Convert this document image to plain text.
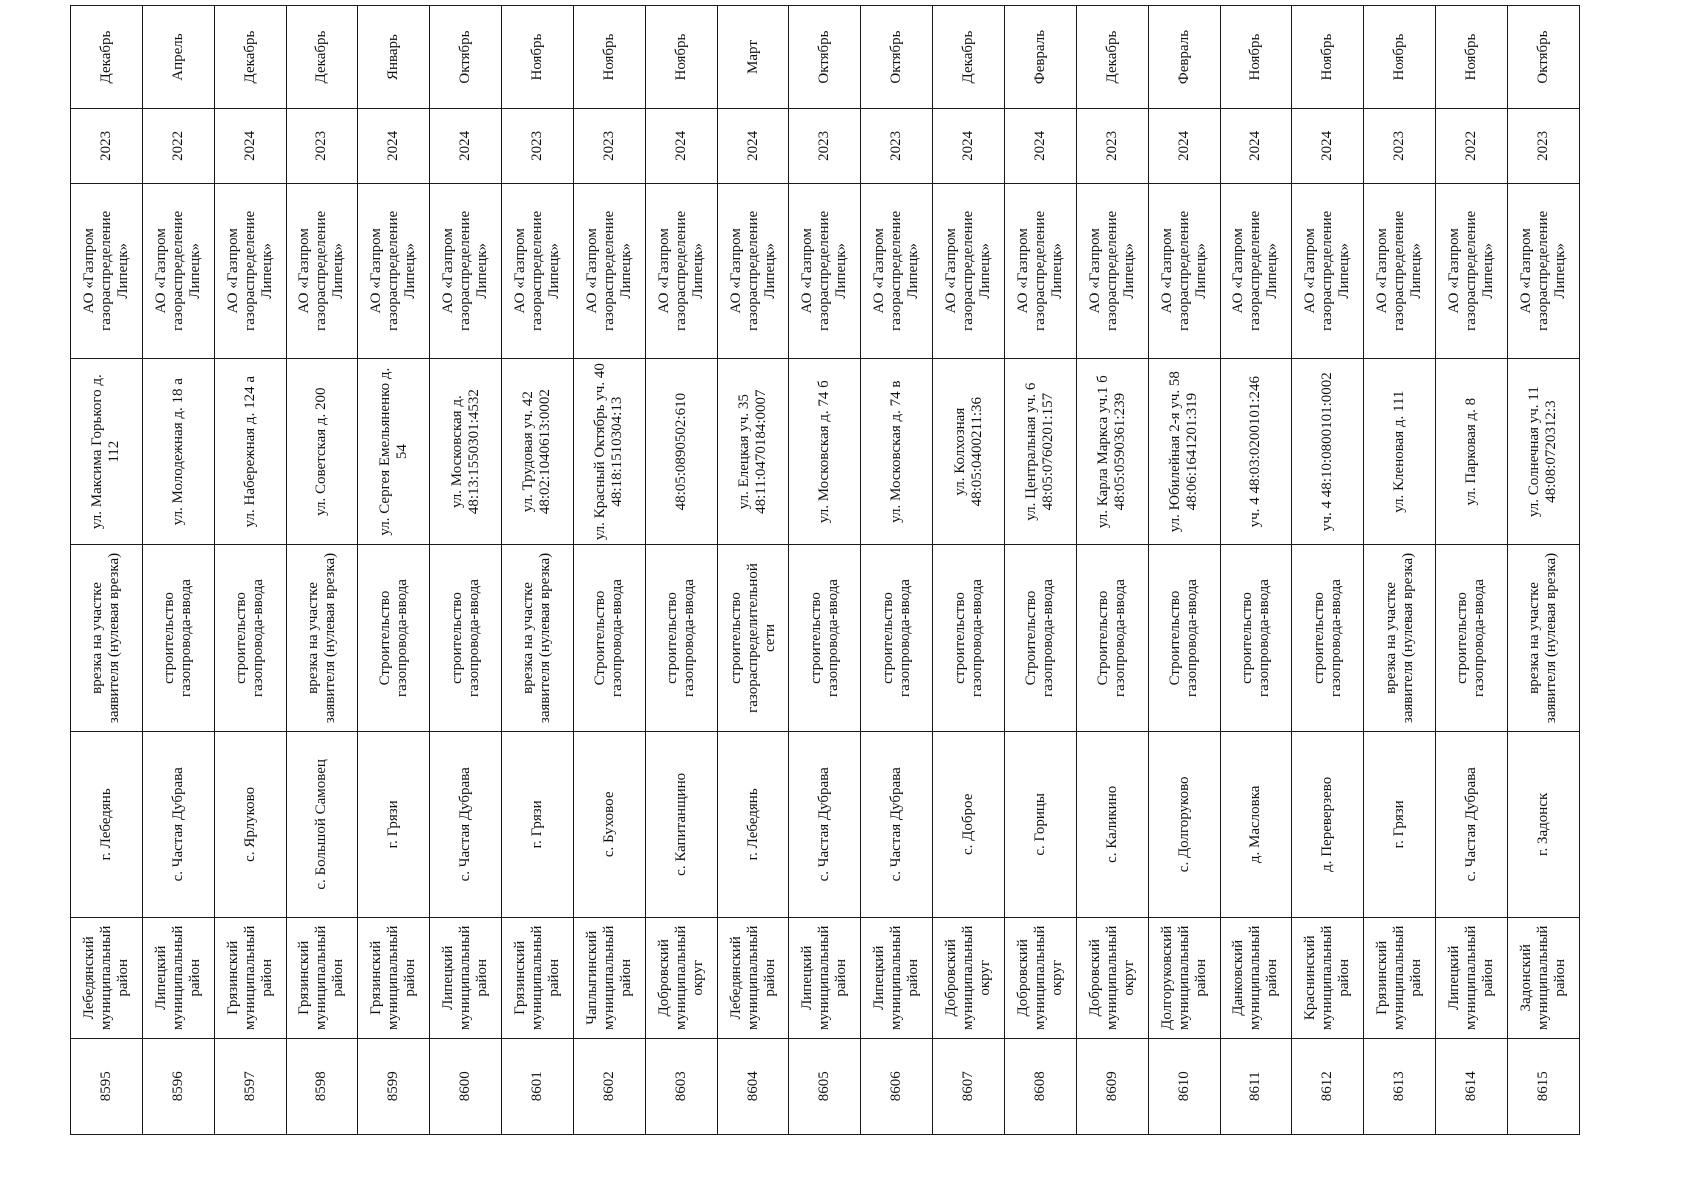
8595	Лебедянский муниципальный район	г. Лебедянь	врезка на участке заявителя (нулевая врезка)	ул. Максима Горького д. 112	АО «Газпром газораспределение Липецк»	2023	Декабрь
8596	Липецкий муниципальный район	с. Частая Дубрава	строительство газопровода-ввода	ул. Молодежная д. 18 а	АО «Газпром газораспределение Липецк»	2022	Апрель
8597	Грязинский муниципальный район	с. Ярлуково	строительство газопровода-ввода	ул. Набережная д. 124 а	АО «Газпром газораспределение Липецк»	2024	Декабрь
8598	Грязинский муниципальный район	с. Большой Самовец	врезка на участке заявителя (нулевая врезка)	ул. Советская д. 200	АО «Газпром газораспределение Липецк»	2023	Декабрь
8599	Грязинский муниципальный район	г. Грязи	Строительство газопровода-ввода	ул. Сергея Емельяненко д. 54	АО «Газпром газораспределение Липецк»	2024	Январь
8600	Липецкий муниципальный район	с. Частая Дубрава	строительство газопровода-ввода	ул. Московская д. 48:13:1550301:4532	АО «Газпром газораспределение Липецк»	2024	Октябрь
8601	Грязинский муниципальный район	г. Грязи	врезка на участке заявителя (нулевая врезка)	ул. Трудовая уч. 42 48:02:1040613:0002	АО «Газпром газораспределение Липецк»	2023	Ноябрь
8602	Чаплыгинский муниципальный район	с. Буховое	Строительство газопровода-ввода	ул. Красный Октябрь уч. 40 48:18:1510304:13	АО «Газпром газораспределение Липецк»	2023	Ноябрь
8603	Добровский муниципальный округ	с. Капитанщино	строительство газопровода-ввода	48:05:0890502:610	АО «Газпром газораспределение Липецк»	2024	Ноябрь
8604	Лебедянский муниципальный район	г. Лебедянь	строительство газораспределительной сети	ул. Елецкая уч. 35 48:11:0470184:0007	АО «Газпром газораспределение Липецк»	2024	Март
8605	Липецкий муниципальный район	с. Частая Дубрава	строительство газопровода-ввода	ул. Московская д. 74 б	АО «Газпром газораспределение Липецк»	2023	Октябрь
8606	Липецкий муниципальный район	с. Частая Дубрава	строительство газопровода-ввода	ул. Московская д. 74 в	АО «Газпром газораспределение Липецк»	2023	Октябрь
8607	Добровский муниципальный округ	с. Доброе	строительство газопровода-ввода	ул. Колхозная 48:05:0400211:36	АО «Газпром газораспределение Липецк»	2024	Декабрь
8608	Добровский муниципальный округ	с. Горицы	Строительство газопровода-ввода	ул. Центральная уч. 6 48:05:0760201:157	АО «Газпром газораспределение Липецк»	2024	Февраль
8609	Добровский муниципальный округ	с. Каликино	Строительство газопровода-ввода	ул. Карла Маркса уч.1 б 48:05:0590361:239	АО «Газпром газораспределение Липецк»	2023	Декабрь
8610	Долгоруковский муниципальный район	с. Долгоруково	Строительство газопровода-ввода	ул. Юбилейная 2-я уч. 58 48:06:1641201:319	АО «Газпром газораспределение Липецк»	2024	Февраль
8611	Данковский муниципальный район	д. Масловка	строительство газопровода-ввода	уч. 4 48:03:0200101:246	АО «Газпром газораспределение Липецк»	2024	Ноябрь
8612	Краснинский муниципальный район	д. Переверзево	строительство газопровода-ввода	уч. 4 48:10:0800101:0002	АО «Газпром газораспределение Липецк»	2024	Ноябрь
8613	Грязинский муниципальный район	г. Грязи	врезка на участке заявителя (нулевая врезка)	ул. Кленовая д. 111	АО «Газпром газораспределение Липецк»	2023	Ноябрь
8614	Липецкий муниципальный район	с. Частая Дубрава	строительство газопровода-ввода	ул. Парковая д. 8	АО «Газпром газораспределение Липецк»	2022	Ноябрь
8615	Задонский муниципальный район	г. Задонск	врезка на участке заявителя (нулевая врезка)	ул. Солнечная уч. 11 48:08:0720312:3	АО «Газпром газораспределение Липецк»	2023	Октябрь
